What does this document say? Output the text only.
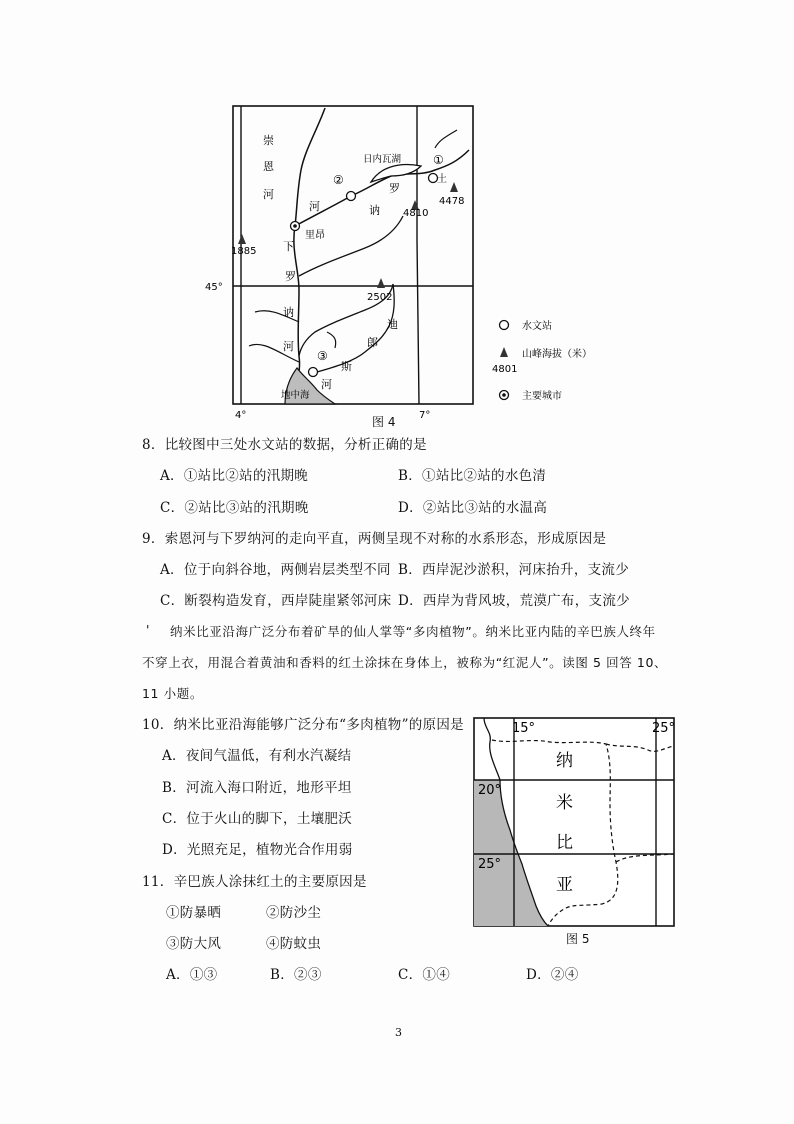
崇
恩
河
河
日内瓦湖	①
②
③
罗
讷
土
4810
4478
1885
2502
下
里昂
罗
讷
河
迪
郎
斯
河
地中海
45°
4°	7°
水文站
山峰海拔（米）
4801
主要城市
图 4
8．比较图中三处水文站的数据，分析正确的是
A．①站比②站的汛期晚	B．①站比②站的水色清
C．②站比③站的汛期晚	D．②站比③站的水温高
9．索恩河与下罗纳河的走向平直，两侧呈现不对称的水系形态，形成原因是
A．位于向斜谷地，两侧岩层类型不同 B．西岸泥沙淤积，河床抬升，支流少
C．断裂构造发育，西岸陡崖紧邻河床 D．西岸为背风坡，荒漠广布，支流少
' 纳米比亚沿海广泛分布着矿旱的仙人掌等“多肉植物”。纳米比亚内陆的辛巴族人终年
不穿上衣，用混合着黄油和香料的红土涂抹在身体上，被称为“红泥人”。读图 5 回答 10、
11 小题。
10．纳米比亚沿海能够广泛分布“多肉植物”的原因是
A．夜间气温低，有利水汽凝结
B．河流入海口附近，地形平坦
C．位于火山的脚下，土壤肥沃
D．光照充足，植物光合作用弱
15°	25°
20°
25°
纳
米
比
亚
图 5
11．辛巴族人涂抹红土的主要原因是
①防暴晒	②防沙尘
③防大风	④防蚊虫
A．①③	B．②③	C．①④	D．②④
3
